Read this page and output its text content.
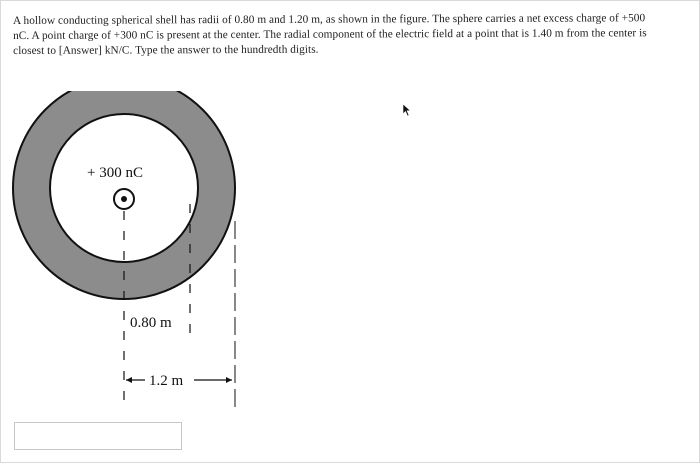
A hollow conducting spherical shell has radii of 0.80 m and 1.20 m, as shown in the figure. The sphere carries a net excess charge of +500
nC. A point charge of +300 nC is present at the center. The radial component of the electric field at a point that is 1.40 m from the center is
closest to [Answer] kN/C. Type the answer to the hundredth digits.
+ 300 nC
0.80 m
1.2 m
